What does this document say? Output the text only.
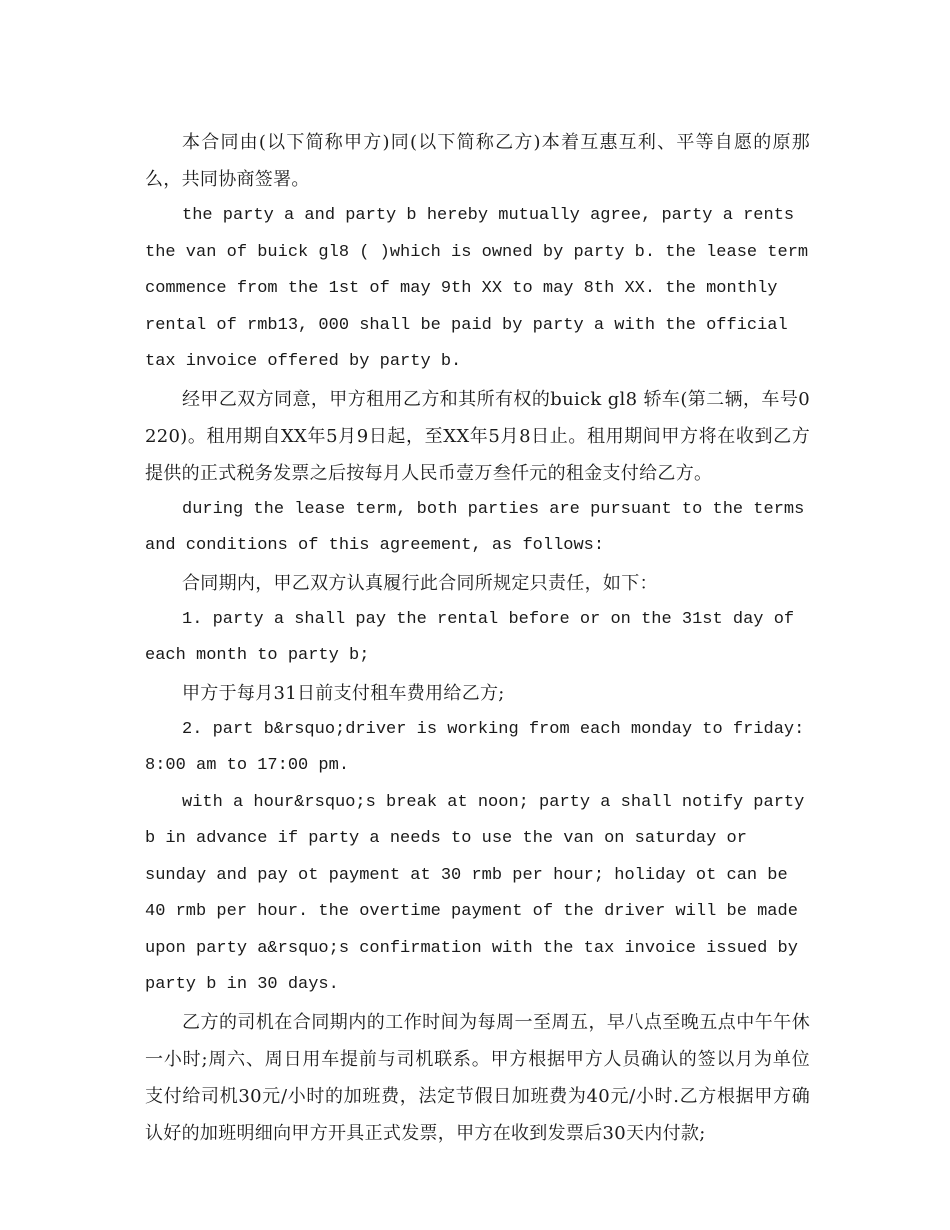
本合同由(以下简称甲方)同(以下简称乙方)本着互惠互利、平等自愿的原那么，共同协商签署。

the party a and party b hereby mutually agree, party a rents the van of buick gl8 ( )which is owned by party b. the lease term commence from the 1st of may 9th XX to may 8th XX. the monthly rental of rmb13, 000 shall be paid by party a with the official tax invoice offered by party b.

经甲乙双方同意，甲方租用乙方和其所有权的buick gl8 轿车(第二辆，车号0220)。租用期自XX年5月9日起，至XX年5月8日止。租用期间甲方将在收到乙方提供的正式税务发票之后按每月人民币壹万叁仟元的租金支付给乙方。

during the lease term, both parties are pursuant to the terms and conditions of this agreement, as follows:

合同期内，甲乙双方认真履行此合同所规定只责任，如下：

1. party a shall pay the rental before or on the 31st day of each month to party b;

甲方于每月31日前支付租车费用给乙方;

2. part b&rsquo;driver is working from each monday to friday: 8:00 am to 17:00 pm.

with a hour&rsquo;s break at noon; party a shall notify party b in advance if party a needs to use the van on saturday or sunday and pay ot payment at 30 rmb per hour; holiday ot can be 40 rmb per hour. the overtime payment of the driver will be made upon party a&rsquo;s confirmation with the tax invoice issued by party b in 30 days.

乙方的司机在合同期内的工作时间为每周一至周五，早八点至晚五点中午午休一小时;周六、周日用车提前与司机联系。甲方根据甲方人员确认的签以月为单位支付给司机30元/小时的加班费，法定节假日加班费为40元/小时.乙方根据甲方确认好的加班明细向甲方开具正式发票，甲方在收到发票后30天内付款;
